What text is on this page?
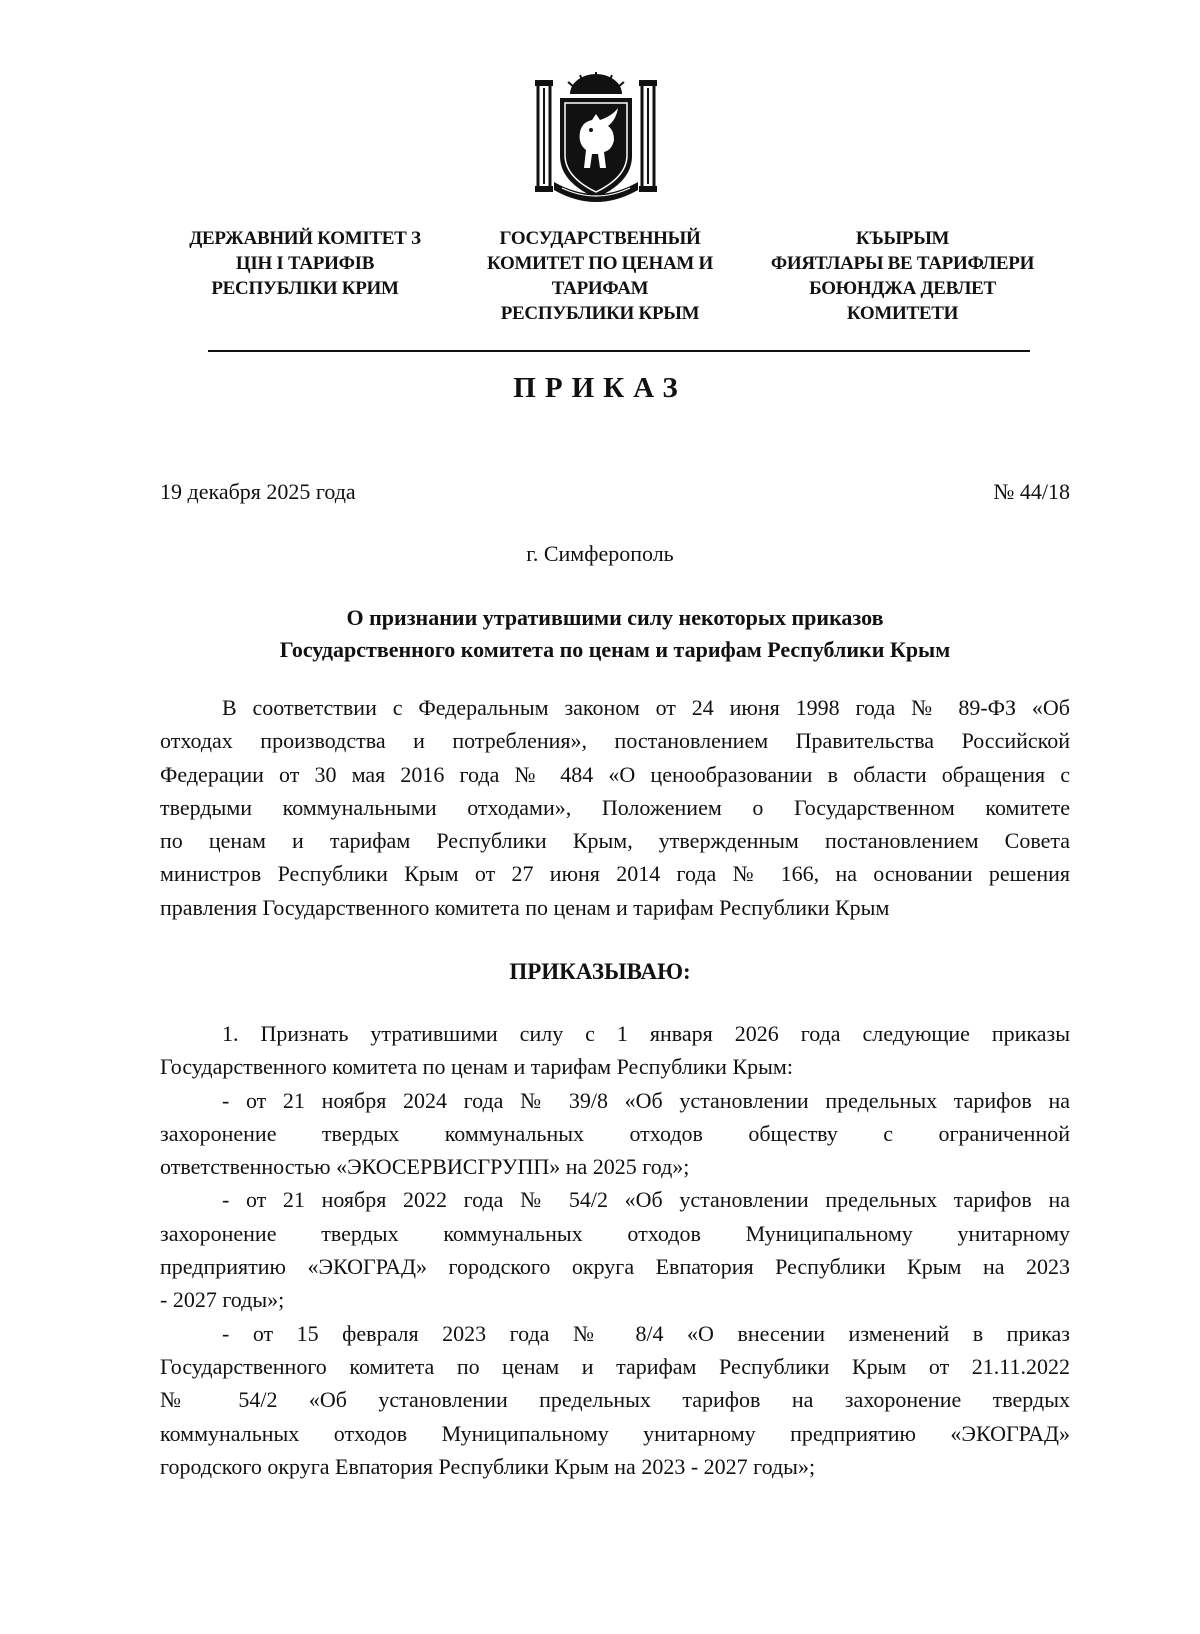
ДЕРЖАВНИЙ КОМІТЕТ З
ЦІН І ТАРИФІВ
РЕСПУБЛІКИ КРИМ
ГОСУДАРСТВЕННЫЙ
КОМИТЕТ ПО ЦЕНАМ И
ТАРИФАМ
РЕСПУБЛИКИ КРЫМ
КЪЫРЫМ
ФИЯТЛАРЫ ВЕ ТАРИФЛЕРИ
БОЮНДЖА ДЕВЛЕТ
КОМИТЕТИ
ПРИКАЗ
19 декабря 2025 года	№ 44/18
г. Симферополь
О признании утратившими силу некоторых приказов
Государственного комитета по ценам и тарифам Республики Крым
В соответствии с Федеральным законом от 24 июня 1998 года № 89-ФЗ «Об
отходах производства и потребления», постановлением Правительства Российской
Федерации от 30 мая 2016 года № 484 «О ценообразовании в области обращения с
твердыми коммунальными отходами», Положением о Государственном комитете
по ценам и тарифам Республики Крым, утвержденным постановлением Совета
министров Республики Крым от 27 июня 2014 года № 166, на основании решения
правления Государственного комитета по ценам и тарифам Республики Крым
ПРИКАЗЫВАЮ:
1. Признать утратившими силу с 1 января 2026 года следующие приказы
Государственного комитета по ценам и тарифам Республики Крым:
- от 21 ноября 2024 года № 39/8 «Об установлении предельных тарифов на
захоронение твердых коммунальных отходов обществу с ограниченной
ответственностью «ЭКОСЕРВИСГРУПП» на 2025 год»;
- от 21 ноября 2022 года № 54/2 «Об установлении предельных тарифов на
захоронение твердых коммунальных отходов Муниципальному унитарному
предприятию «ЭКОГРАД» городского округа Евпатория Республики Крым на 2023
- 2027 годы»;
- от 15 февраля 2023 года № 8/4 «О внесении изменений в приказ
Государственного комитета по ценам и тарифам Республики Крым от 21.11.2022
№ 54/2 «Об установлении предельных тарифов на захоронение твердых
коммунальных отходов Муниципальному унитарному предприятию «ЭКОГРАД»
городского округа Евпатория Республики Крым на 2023 - 2027 годы»;
